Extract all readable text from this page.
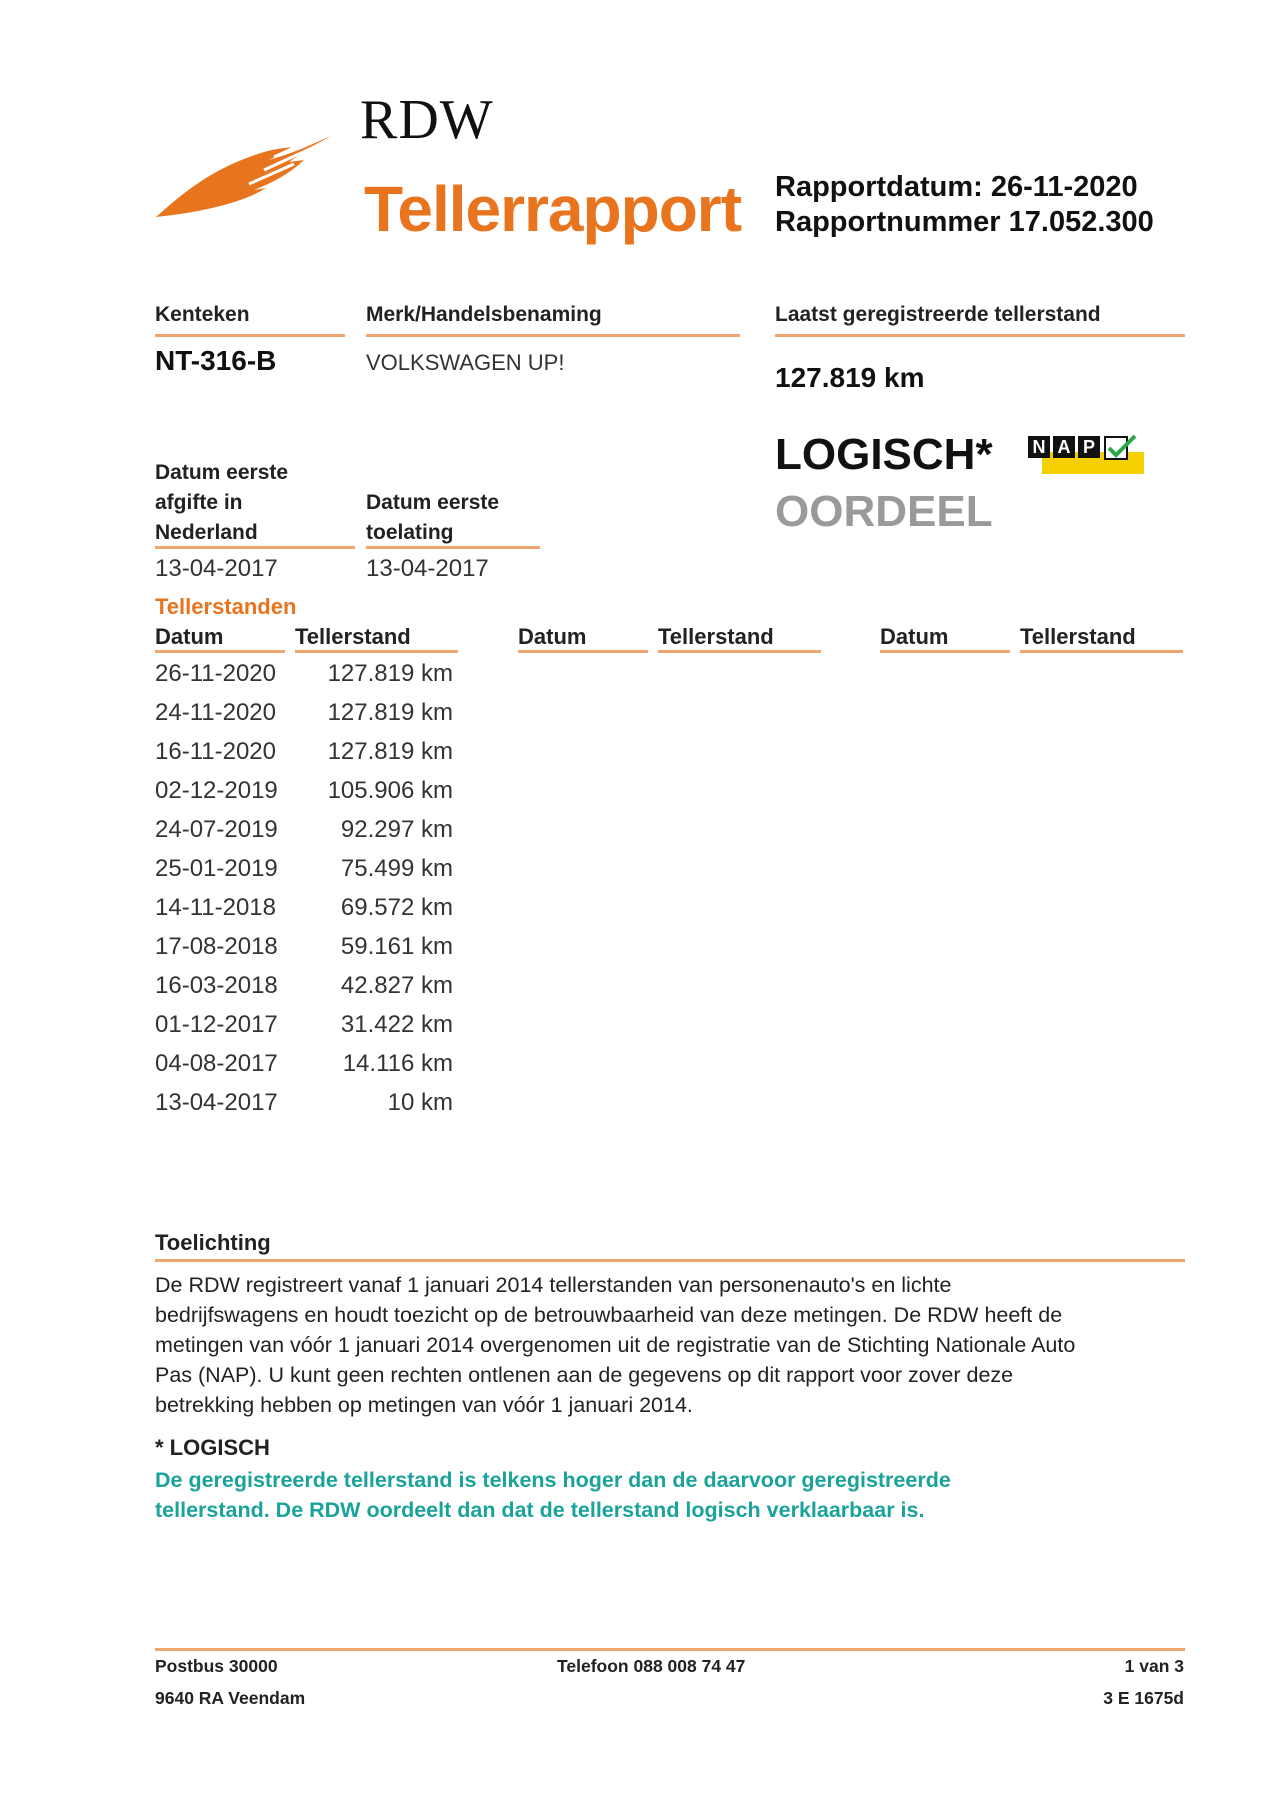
RDW
Tellerrapport Rapportdatum: 26-11-2020
Rapportnummer 17.052.300
Kenteken
NT-316-B
Merk/Handelsbenaming
VOLKSWAGEN UP!
Laatst geregistreerde tellerstand
127.819 km
LOGISCH*
OORDEEL
N A P
Datum eerste
afgifte in
Nederland
13-04-2017
Datum eerste
toelating
13-04-2017
Tellerstanden
Datum	Tellerstand	Datum	Tellerstand	Datum	Tellerstand
26-11-2020	127.819 km
24-11-2020	127.819 km
16-11-2020	127.819 km
02-12-2019	105.906 km
24-07-2019	92.297 km
25-01-2019	75.499 km
14-11-2018	69.572 km
17-08-2018	59.161 km
16-03-2018	42.827 km
01-12-2017	31.422 km
04-08-2017	14.116 km
13-04-2017	10 km
Toelichting
De RDW registreert vanaf 1 januari 2014 tellerstanden van personenauto's en lichte
bedrijfswagens en houdt toezicht op de betrouwbaarheid van deze metingen. De RDW heeft de
metingen van vóór 1 januari 2014 overgenomen uit de registratie van de Stichting Nationale Auto
Pas (NAP). U kunt geen rechten ontlenen aan de gegevens op dit rapport voor zover deze
betrekking hebben op metingen van vóór 1 januari 2014.
* LOGISCH
De geregistreerde tellerstand is telkens hoger dan de daarvoor geregistreerde
tellerstand. De RDW oordeelt dan dat de tellerstand logisch verklaarbaar is.
Postbus 30000
9640 RA Veendam
Telefoon 088 008 74 47	1 van 3
3 E 1675d
